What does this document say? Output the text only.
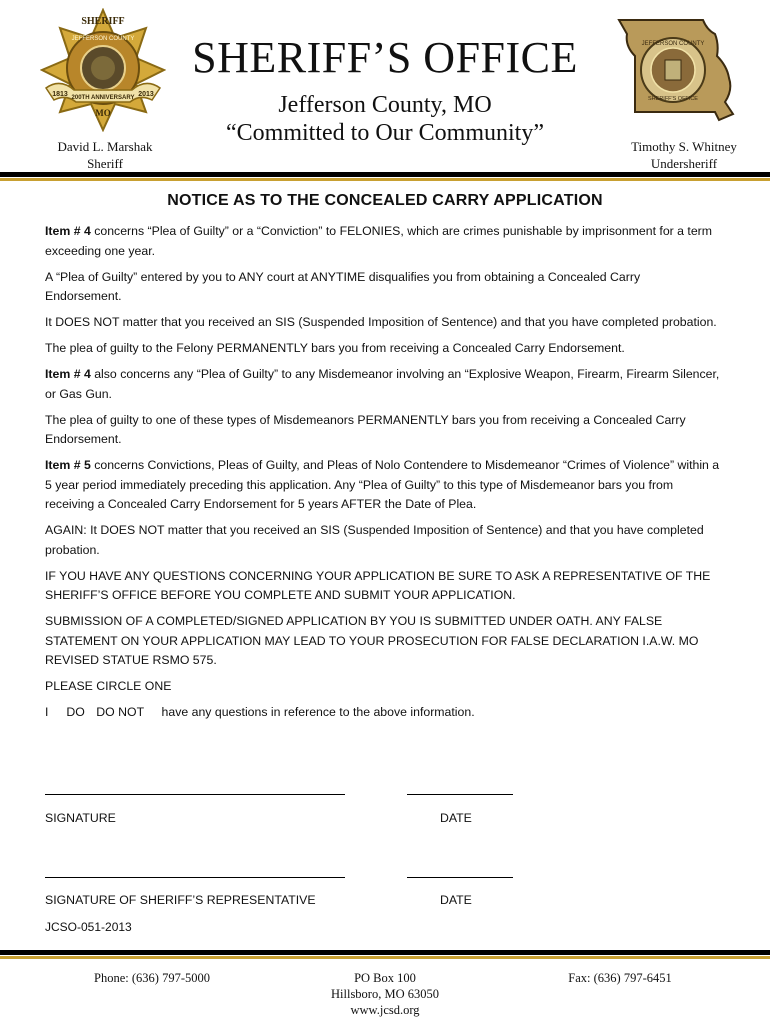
SHERIFF
JEFFERSON COUNTY
1813	2013
200TH ANNIVERSARY
MO
JEFFERSON COUNTY
SHERIFF'S OFFICE
SHERIFF’S OFFICE
Jefferson County, MO
“Committed to Our Community”
David L. Marshak
Sheriff
Timothy S. Whitney
Undersheriff
NOTICE AS TO THE CONCEALED CARRY APPLICATION

Item # 4 concerns “Plea of Guilty” or a “Conviction” to FELONIES, which are crimes punishable by imprisonment for a term exceeding one year.

A “Plea of Guilty” entered by you to ANY court at ANYTIME disqualifies you from obtaining a Concealed Carry Endorsement.

It DOES NOT matter that you received an SIS (Suspended Imposition of Sentence) and that you have completed probation.

The plea of guilty to the Felony PERMANENTLY bars you from receiving a Concealed Carry Endorsement.

Item # 4 also concerns any “Plea of Guilty” to any Misdemeanor involving an “Explosive Weapon, Firearm, Firearm Silencer, or Gas Gun.

The plea of guilty to one of these types of Misdemeanors PERMANENTLY bars you from receiving a Concealed Carry Endorsement.

Item # 5 concerns Convictions, Pleas of Guilty, and Pleas of Nolo Contendere to Misdemeanor “Crimes of Violence” within a 5 year period immediately preceding this application. Any “Plea of Guilty” to this type of Misdemeanor bars you from receiving a Concealed Carry Endorsement for 5 years AFTER the Date of Plea.

AGAIN: It DOES NOT matter that you received an SIS (Suspended Imposition of Sentence) and that you have completed probation.

IF YOU HAVE ANY QUESTIONS CONCERNING YOUR APPLICATION BE SURE TO ASK A REPRESENTATIVE OF THE SHERIFF’S OFFICE BEFORE YOU COMPLETE AND SUBMIT YOUR APPLICATION.

SUBMISSION OF A COMPLETED/SIGNED APPLICATION BY YOU IS SUBMITTED UNDER OATH. ANY FALSE STATEMENT ON YOUR APPLICATION MAY LEAD TO YOUR PROSECUTION FOR FALSE DECLARATION I.A.W. MO REVISED STATUE RSMO 575.

PLEASE CIRCLE ONE

I DO DO NOT have any questions in reference to the above information.

SIGNATURE	DATE
SIGNATURE OF SHERIFF’S REPRESENTATIVE	DATE
JCSO-051-2013
Phone: (636) 797-5000	PO Box 100
Hillsboro, MO 63050
www.jcsd.org
Fax: (636) 797-6451
